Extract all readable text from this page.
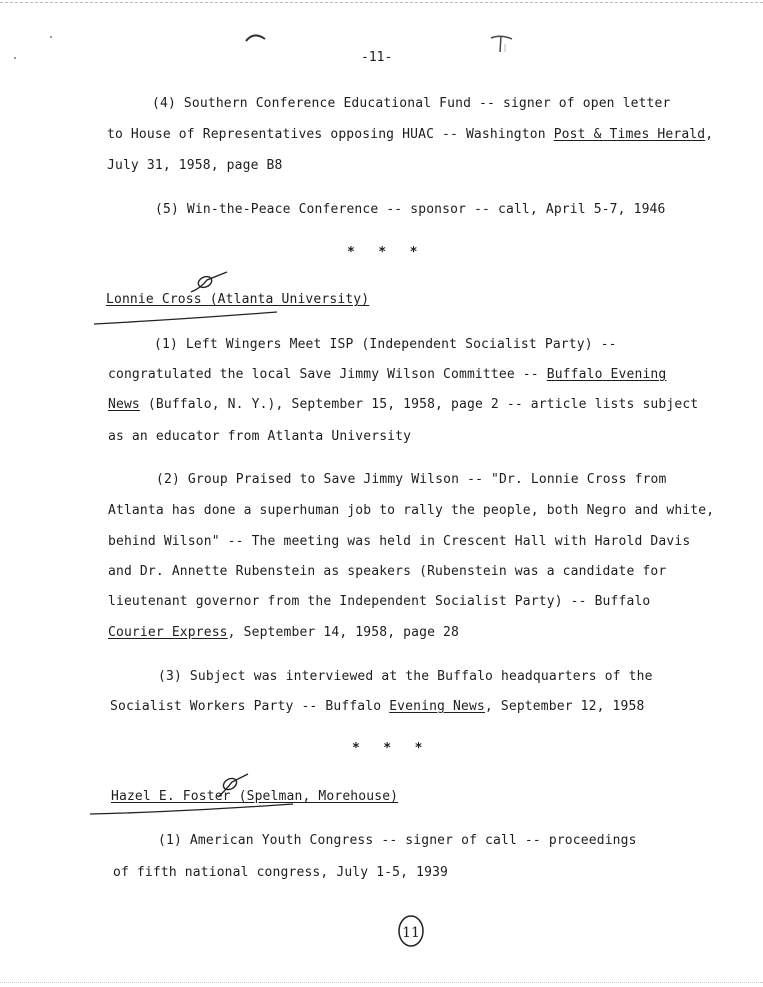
-11-
(4) Southern Conference Educational Fund -- signer of open letter
to House of Representatives opposing HUAC -- Washington Post & Times Herald,
July 31, 1958, page B8
(5) Win-the-Peace Conference -- sponsor -- call, April 5-7, 1946
*   *   *
Lonnie Cross (Atlanta University)
(1) Left Wingers Meet ISP (Independent Socialist Party) --
congratulated the local Save Jimmy Wilson Committee -- Buffalo Evening
News (Buffalo, N. Y.), September 15, 1958, page 2 -- article lists subject
as an educator from Atlanta University
(2) Group Praised to Save Jimmy Wilson -- "Dr. Lonnie Cross from
Atlanta has done a superhuman job to rally the people, both Negro and white,
behind Wilson" -- The meeting was held in Crescent Hall with Harold Davis
and Dr. Annette Rubenstein as speakers (Rubenstein was a candidate for
lieutenant governor from the Independent Socialist Party) -- Buffalo
Courier Express, September 14, 1958, page 28
(3) Subject was interviewed at the Buffalo headquarters of the
Socialist Workers Party -- Buffalo Evening News, September 12, 1958
*   *   *
Hazel E. Foster (Spelman, Morehouse)
(1) American Youth Congress -- signer of call -- proceedings
of fifth national congress, July 1-5, 1939
11
